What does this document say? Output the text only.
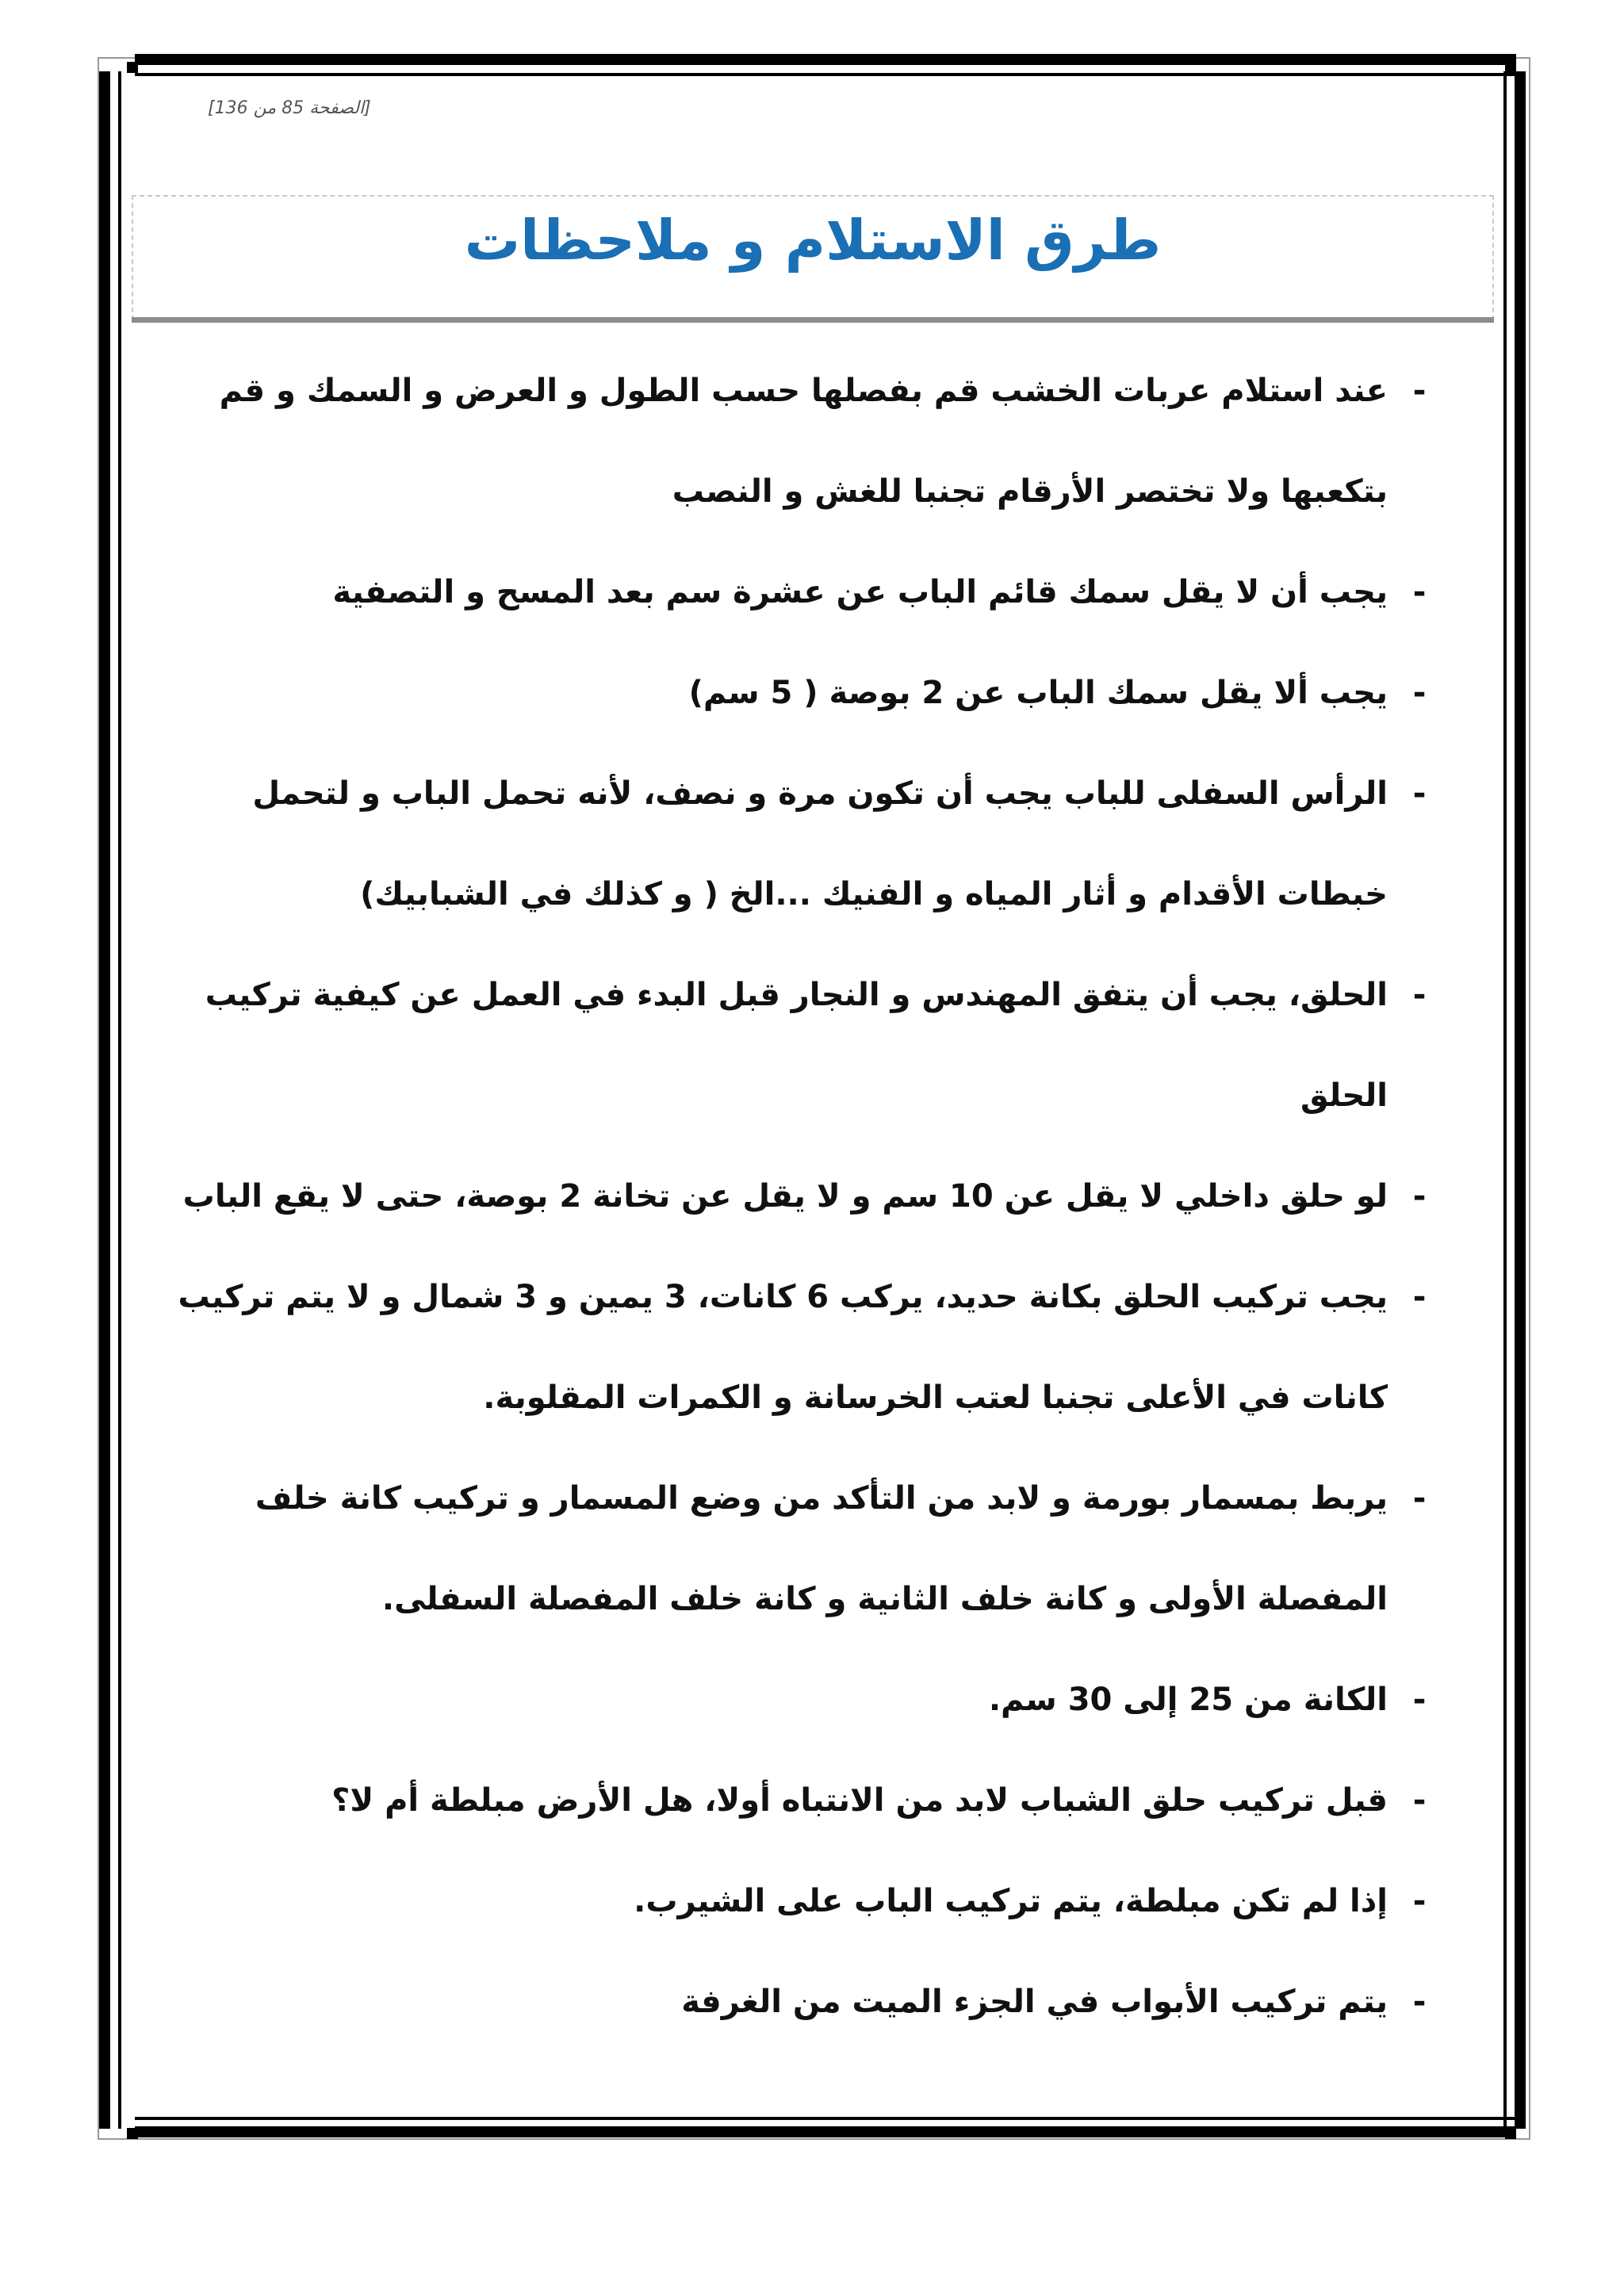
[الصفحة 85 من 136]
طرق الاستلام و ملاحظات
-
عند استلام عربات الخشب قم بفصلها حسب الطول و العرض و السمك و قم بتكعبها ولا تختصر الأرقام تجنبا للغش و النصب
-
يجب أن لا يقل سمك قائم الباب عن عشرة سم بعد المسح و التصفية
-
يجب ألا يقل سمك الباب عن 2 بوصة ( 5 سم)
-
الرأس السفلى للباب يجب أن تكون مرة و نصف، لأنه تحمل الباب و لتحمل خبطات الأقدام و أثار المياه و الفنيك ...الخ ( و كذلك في الشبابيك)
-
الحلق، يجب أن يتفق المهندس و النجار قبل البدء في العمل عن كيفية تركيب الحلق
-
لو حلق داخلي لا يقل عن 10 سم و لا يقل عن تخانة 2 بوصة، حتى لا يقع الباب
-
يجب تركيب الحلق بكانة حديد، يركب 6 كانات، 3 يمين و 3 شمال و لا يتم تركيب كانات في الأعلى تجنبا لعتب الخرسانة و الكمرات المقلوبة.
-
يربط بمسمار بورمة و لابد من التأكد من وضع المسمار و تركيب كانة خلف المفصلة الأولى و كانة خلف الثانية و كانة خلف المفصلة السفلى.
-
الكانة من 25 إلى 30 سم.
-
قبل تركيب حلق الشباب لابد من الانتباه أولا، هل الأرض مبلطة أم لا؟
-
إذا لم تكن مبلطة، يتم تركيب الباب على الشيرب.
-
يتم تركيب الأبواب في الجزء الميت من الغرفة
